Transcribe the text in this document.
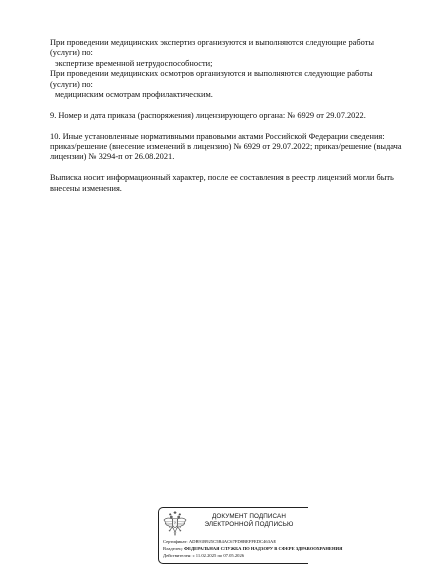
При проведении медицинских экспертиз организуются и выполняются следующие работы
(услуги) по:
экспертизе временной нетрудоспособности;
При проведении медицинских осмотров организуются и выполняются следующие работы
(услуги) по:
медицинским осмотрам профилактическим.
9. Номер и дата приказа (распоряжения) лицензирующего органа: № 6929 от 29.07.2022.
10. Иные установленные нормативными правовыми актами Российской Федерации сведения:
приказ/решение (внесение изменений в лицензию) № 6929 от 29.07.2022; приказ/решение (выдача
лицензии) № 3294-п от 26.08.2021.
Выписка носит информационный характер, после ее составления в реестр лицензий могли быть
внесены изменения.
ДОКУМЕНТ ПОДПИСАН
ЭЛЕКТРОННОЙ ПОДПИСЬЮ
Сертификат: ADB91B925C5B4AC67FD8BEFFEDC463AE
Владелец: ФЕДЕРАЛЬНАЯ СЛУЖБА ПО НАДЗОРУ В СФЕРЕ ЗДРАВООХРАНЕНИЯ
Действителен: с 11.02.2025 по 07.05.2026
